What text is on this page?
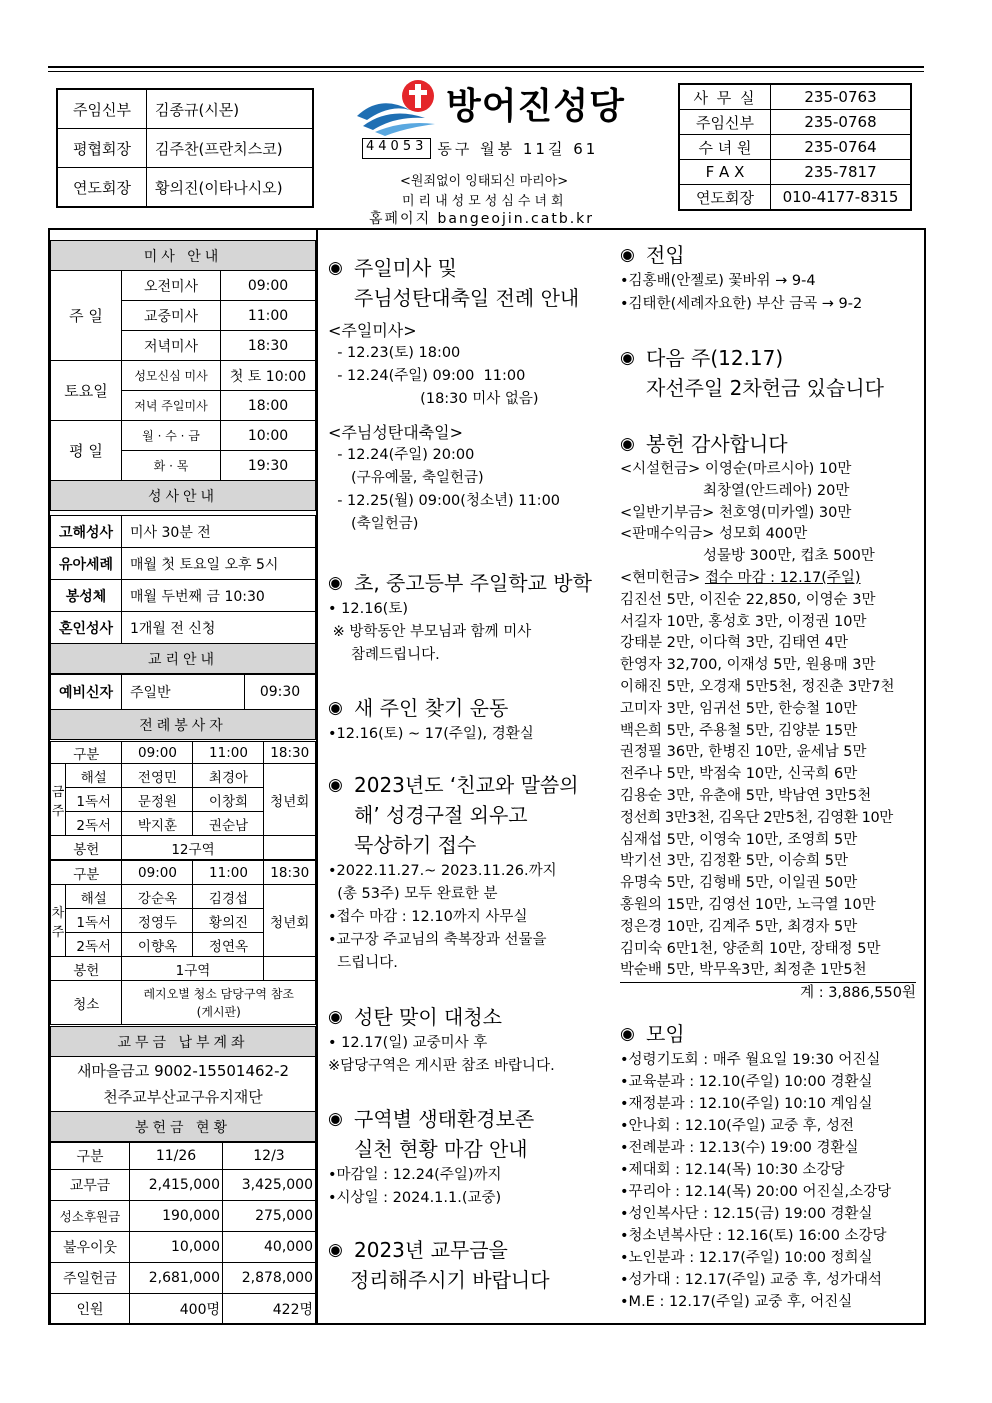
주임신부	김종규(시몬)
평협회장	김주찬(프란치스코)
연도회장	황의진(이타나시오)
방어진성당
44053 동구 월봉 11길 61
<원죄없이 잉태되신 마리아>
미리내성모성심수녀회
홈페이지 bangeojin.catb.kr
사 무 실	235-0763
주임신부	235-0768
수 녀 원	235-0764
F A X	235-7817
연도회장	010-4177-8315
미사 안내		
주 일	오전미사	09:00
	교중미사	11:00
	저녁미사	18:30
토요일	성모신심 미사	첫 토 10:00
	저녁 주일미사	18:00
평 일	월 · 수 · 금	10:00
	화 · 목	19:30
성사안내		
고해성사	미사 30분 전
유아세례	매월 첫 토요일 오후 5시
봉성체	매월 두번째 금 10:30
혼인성사	1개월 전 신청
교리안내	
예비신자	주일반	09:30
전례봉사자
구분		09:00	11:00	18:30
금 주	해설	전영민	최경아	청년회
	1독서	문정원	이창희	
	2독서	박지훈	권순남	
봉헌		12구역		
구분		09:00	11:00	18:30
차 주	해설	강순옥	김경섭	청년회
	1독서	정영두	황의진	
	2독서	이향옥	정연옥	
봉헌		1구역		
청소		레지오별 청소 담당구역 참조
(게시판)		
교무금 납부계좌

새마을금고 9002-15501462-2
천주교부산교구유지재단

봉헌금 현황
구분	11/26	12/3
교무금	2,415,000	3,425,000
성소후원금	190,000	275,000
불우이웃	10,000	40,000
주일헌금	2,681,000	2,878,000
인원	400명	422명
◉ 주일미사 및
주님성탄대축일 전례 안내

<주일미사>

- 12.23(토) 18:00

- 12.24(주일) 09:00  11:00

(18:30 미사 없음)

<주님성탄대축일>

- 12.24(주일) 20:00

(구유예물, 축일헌금)

- 12.25(월) 09:00(청소년) 11:00

(축일헌금)

◉ 초, 중고등부 주일학교 방학

• 12.16(토)

※ 방학동안 부모님과 함께 미사

참례드립니다.

◉ 새 주인 찾기 운동

•12.16(토) ~ 17(주일), 경환실

◉ 2023년도 ‘친교와 말씀의
해’ 성경구절 외우고
묵상하기 접수

•2022.11.27.~ 2023.11.26.까지

(총 53주) 모두 완료한 분

•접수 마감 : 12.10까지 사무실

•교구장 주교님의 축복장과 선물을

드립니다.

◉ 성탄 맞이 대청소

• 12.17(일) 교중미사 후

※담당구역은 게시판 참조 바랍니다.

◉ 구역별 생태환경보존
실천 현황 마감 안내

•마감일 : 12.24(주일)까지

•시상일 : 2024.1.1.(교중)

◉ 2023년 교무금을
정리해주시기 바랍니다
◉ 전입

•김홍배(안젤로) 꽃바위 → 9-4

•김태한(세례자요한) 부산 금곡 → 9-2

◉ 다음 주(12.17)
자선주일 2차헌금 있습니다
◉ 봉헌 감사합니다

<시설헌금> 이영순(마르시아) 10만

최창열(안드레아) 20만

<일반기부금> 천호영(미카엘) 30만

<판매수익금> 성모회 400만

성물방 300만, 컵초 500만

<현미헌금> 접수 마감 : 12.17(주일)

김진선 5만, 이진순 22,850, 이영순 3만

서길자 10만, 홍성호 3만, 이정권 10만

강태분 2만, 이다혁 3만, 김태연 4만

한영자 32,700, 이재성 5만, 원용매 3만

이해진 5만, 오경재 5만5천, 정진춘 3만7천

고미자 3만, 임귀선 5만, 한승철 10만

백은희 5만, 주용철 5만, 김양분 15만

권정필 36만, 한병진 10만, 윤세남 5만

전주나 5만, 박점숙 10만, 신국희 6만

김용순 3만, 유춘애 5만, 박남연 3만5천

정선희 3만3천, 김옥단 2만5천, 김영환 10만

심재섭 5만, 이영숙 10만, 조영희 5만

박기선 3만, 김정환 5만, 이승희 5만

유명숙 5만, 김형배 5만, 이일권 50만

홍원의 15만, 김영선 10만, 노극열 10만

정은경 10만, 김계주 5만, 최경자 5만

김미숙 6만1천, 양준희 10만, 장태정 5만

박순배 5만, 박무옥3만, 최정춘 1만5천

계 : 3,886,550원

◉ 모임

•성령기도회 : 매주 월요일 19:30 어진실

•교육분과 : 12.10(주일) 10:00 경환실

•재정분과 : 12.10(주일) 10:10 계임실

•안나회 : 12.10(주일) 교중 후, 성전

•전례분과 : 12.13(수) 19:00 경환실

•제대회 : 12.14(목) 10:30 소강당

•꾸리아 : 12.14(목) 20:00 어진실,소강당

•성인복사단 : 12.15(금) 19:00 경환실

•청소년복사단 : 12.16(토) 16:00 소강당

•노인분과 : 12.17(주일) 10:00 정희실

•성가대 : 12.17(주일) 교중 후, 성가대석

•M.E : 12.17(주일) 교중 후, 어진실
